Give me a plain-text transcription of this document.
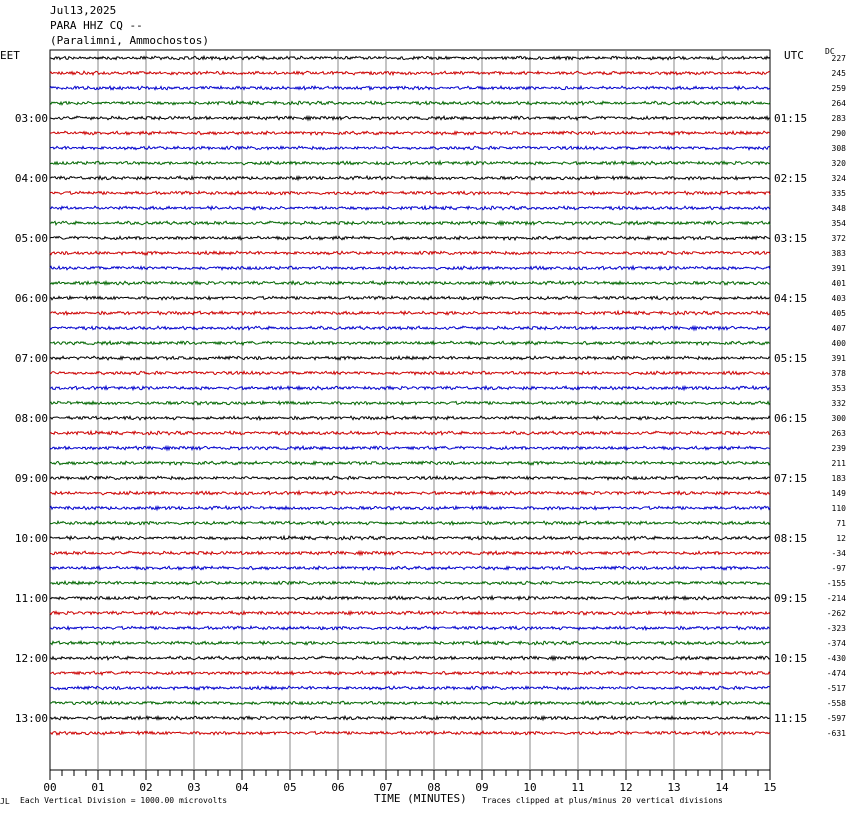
Jul13,2025
PARA HHZ CQ --
(Paralimni, Ammochostos)
EET	UTC	DC
03:00
04:00
05:00
06:00
07:00
08:00
09:00
10:00
11:00
12:00
13:00
01:15
02:15
03:15
04:15
05:15
06:15
07:15
08:15
09:15
10:15
11:15
227
245
259
264
283
290
308
320
324
335
348
354
372
383
391
401
403
405
407
400
391
378
353
332
300
263
239
211
183
149
110
71
12
-34
-97
-155
-214
-262
-323
-374
-430
-474
-517
-558
-597
-631
00	01	02	03	04	05	06	07	08	09	10	11	12	13	14	15
JL Each Vertical Division = 1000.00 microvolts	TIME (MINUTES) Traces clipped at plus/minus 20 vertical divisions
